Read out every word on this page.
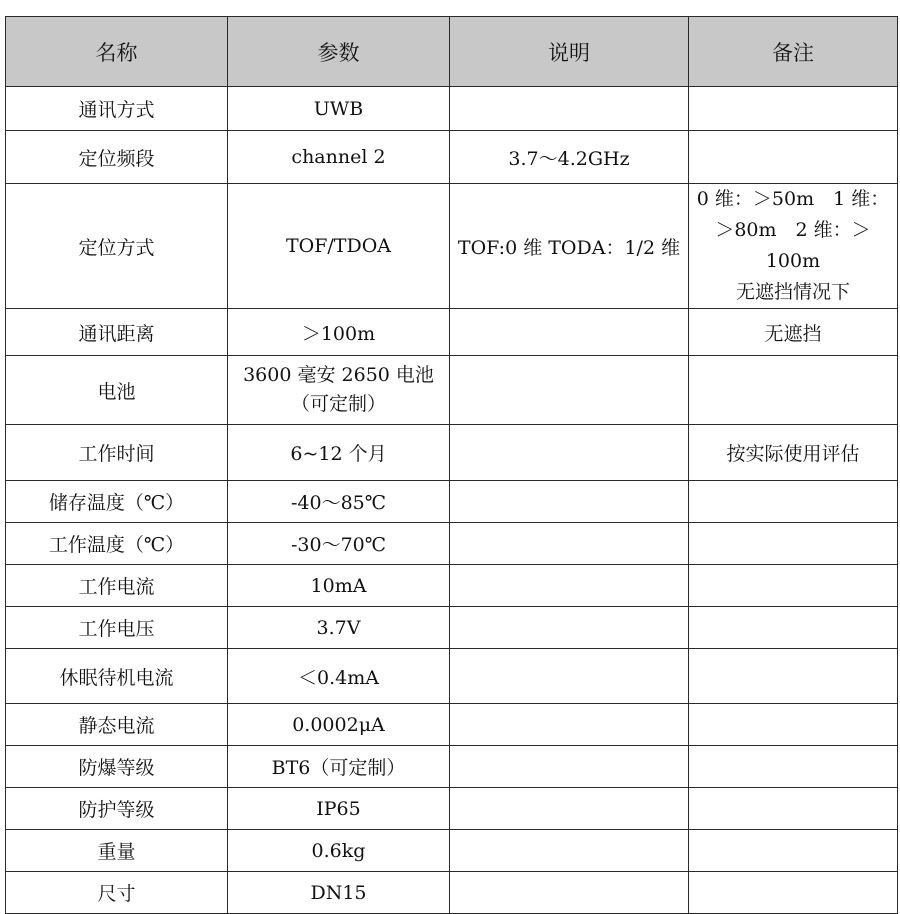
名称	参数	说明	备注
通讯方式	UWB		
定位频段	channel 2	3.7～4.2GHz	
定位方式	TOF/TDOA	TOF:0 维 TODA：1/2 维	0 维：＞50m　1 维：
＞80m　2 维：＞100m
无遮挡情况下

通讯距离	＞100m		无遮挡
电池	3600 毫安 2650 电池
（可定制）		

工作时间	6~12 个月		按实际使用评估
储存温度（℃）	-40～85℃		
工作温度（℃）	-30～70℃		
工作电流	10mA		
工作电压	3.7V		
休眠待机电流	＜0.4mA		
静态电流	0.0002μA		
防爆等级	BT6（可定制）		
防护等级	IP65		
重量	0.6kg		
尺寸	DN15		
